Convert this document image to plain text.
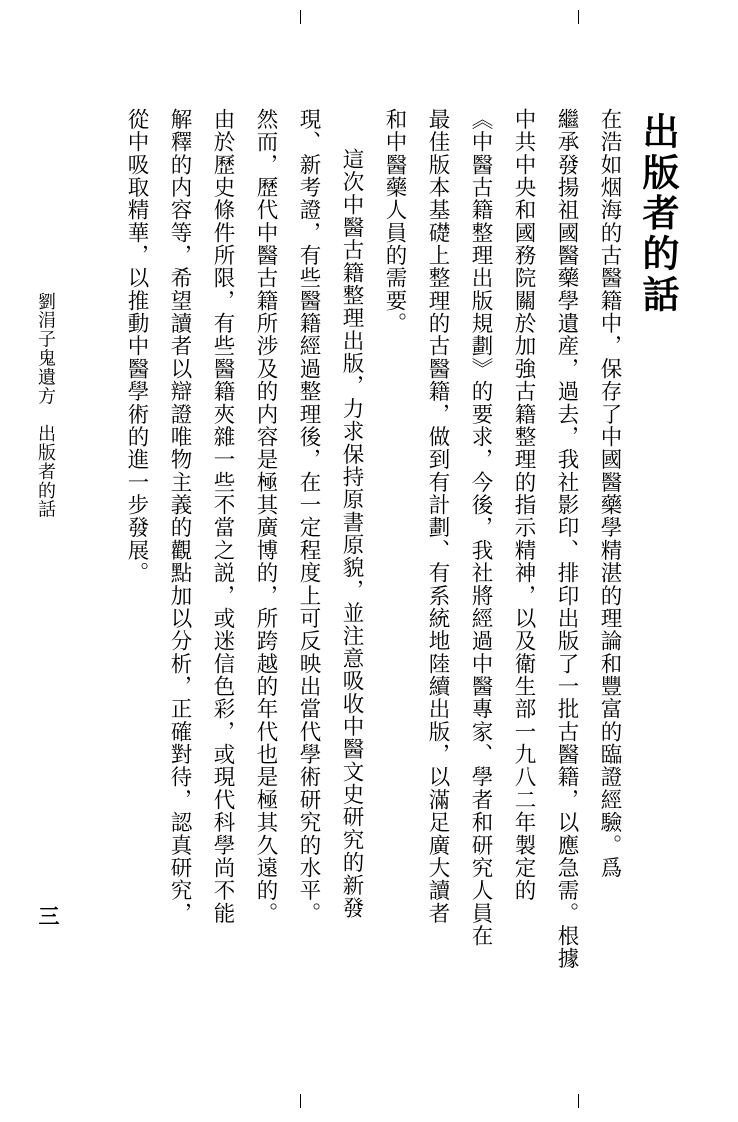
出版者的話
在浩如烟海的古醫籍中，保存了中國醫藥學精湛的理論和豐富的臨證經驗。爲
繼承發揚祖國醫藥學遺産，過去，我社影印、排印出版了一批古醫籍，以應急需。根據
中共中央和國務院關於加強古籍整理的指示精神，以及衛生部一九八二年製定的
《中醫古籍整理出版規劃》的要求，今後，我社將經過中醫專家、學者和研究人員在
最佳版本基礎上整理的古醫籍，做到有計劃、有系統地陸續出版，以滿足廣大讀者
和中醫藥人員的需要。
這次中醫古籍整理出版，力求保持原書原貌，並注意吸收中醫文史研究的新發
現、新考證，有些醫籍經過整理後，在一定程度上可反映出當代學術研究的水平。
然而，歷代中醫古籍所涉及的内容是極其廣博的，所跨越的年代也是極其久遠的。
由於歷史條件所限，有些醫籍夾雜一些不當之説，或迷信色彩，或現代科學尚不能
解釋的内容等，希望讀者以辯證唯物主義的觀點加以分析，正確對待，認真研究，
從中吸取精華，以推動中醫學術的進一步發展。
劉涓子鬼遺方　出版者的話
三
